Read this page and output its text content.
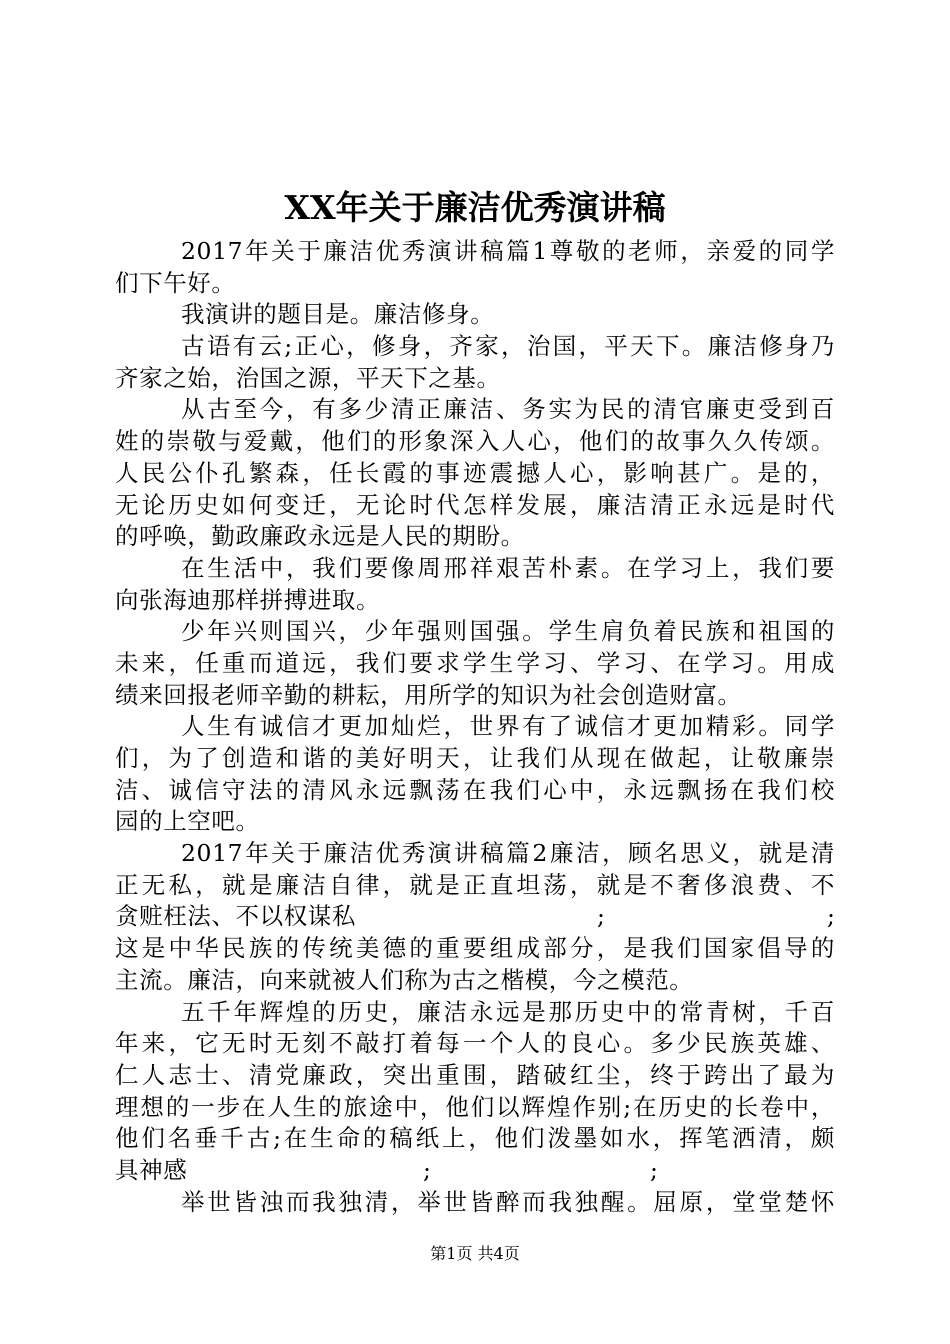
XX年关于廉洁优秀演讲稿
2017年关于廉洁优秀演讲稿篇1尊敬的老师，亲爱的同学
们下午好。
我演讲的题目是。廉洁修身。
古语有云;正心，修身，齐家，治国，平天下。廉洁修身乃
齐家之始，治国之源，平天下之基。
从古至今，有多少清正廉洁、务实为民的清官廉吏受到百
姓的崇敬与爱戴，他们的形象深入人心，他们的故事久久传颂。
人民公仆孔繁森，任长霞的事迹震撼人心，影响甚广。是的，
无论历史如何变迁，无论时代怎样发展，廉洁清正永远是时代
的呼唤，勤政廉政永远是人民的期盼。
在生活中，我们要像周邢祥艰苦朴素。在学习上，我们要
向张海迪那样拼搏进取。
少年兴则国兴，少年强则国强。学生肩负着民族和祖国的
未来，任重而道远，我们要求学生学习、学习、在学习。用成
绩来回报老师辛勤的耕耘，用所学的知识为社会创造财富。
人生有诚信才更加灿烂，世界有了诚信才更加精彩。同学
们，为了创造和谐的美好明天，让我们从现在做起，让敬廉崇
洁、诚信守法的清风永远飘荡在我们心中，永远飘扬在我们校
园的上空吧。
2017年关于廉洁优秀演讲稿篇2廉洁，顾名思义，就是清
正无私，就是廉洁自律，就是正直坦荡，就是不奢侈浪费、不
贪赃枉法、不以权谋私	;	;
这是中华民族的传统美德的重要组成部分，是我们国家倡导的
主流。廉洁，向来就被人们称为古之楷模，今之模范。
五千年辉煌的历史，廉洁永远是那历史中的常青树，千百
年来，它无时无刻不敲打着每一个人的良心。多少民族英雄、
仁人志士、清党廉政，突出重围，踏破红尘，终于跨出了最为
理想的一步在人生的旅途中，他们以辉煌作别;在历史的长卷中，
他们名垂千古;在生命的稿纸上，他们泼墨如水，挥笔洒清，颇
具神感	;	;
举世皆浊而我独清，举世皆醉而我独醒。屈原，堂堂楚怀
第1页 共4页
